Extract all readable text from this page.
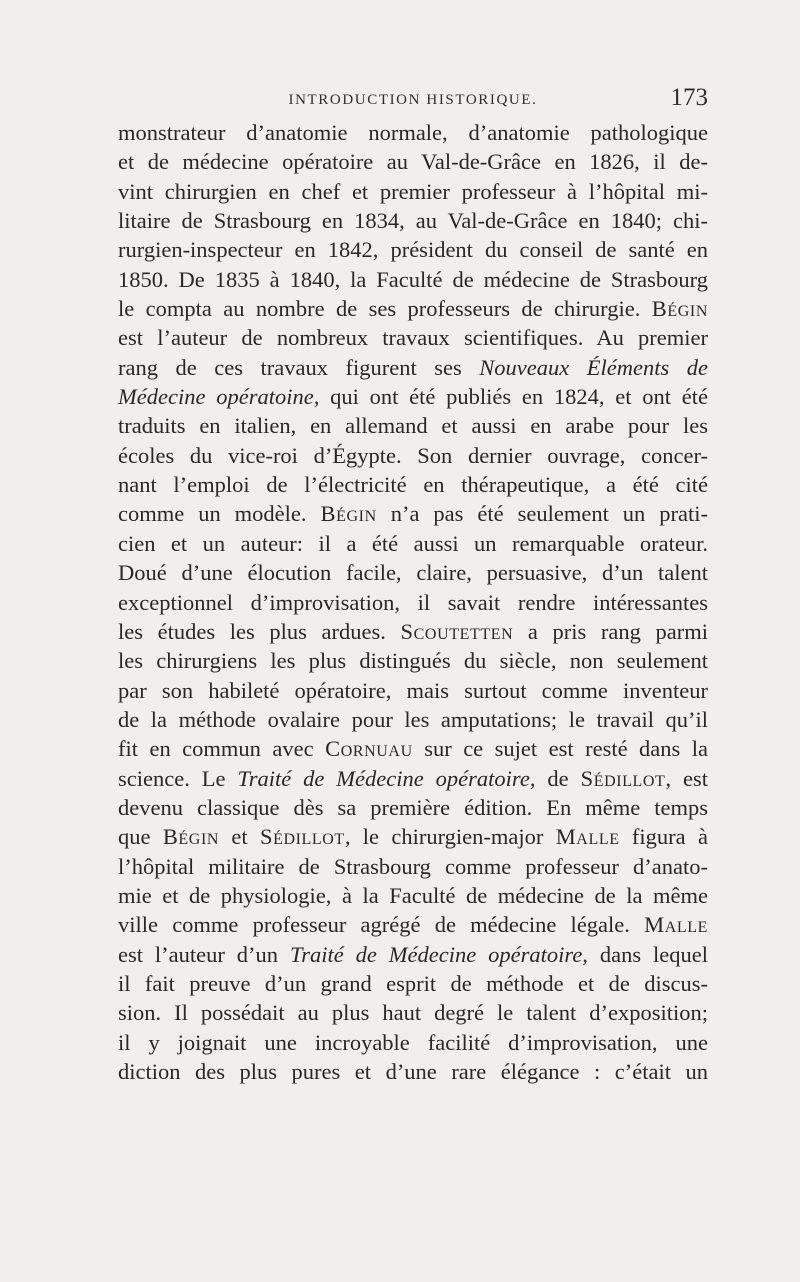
INTRODUCTION HISTORIQUE.	173
monstrateur d’anatomie normale, d’anatomie pathologique
et de médecine opératoire au Val-de-Grâce en 1826, il de-
vint chirurgien en chef et premier professeur à l’hôpital mi-
litaire de Strasbourg en 1834, au Val-de-Grâce en 1840; chi-
rurgien-inspecteur en 1842, président du conseil de santé en
1850. De 1835 à 1840, la Faculté de médecine de Strasbourg
le compta au nombre de ses professeurs de chirurgie. Bégin
est l’auteur de nombreux travaux scientifiques. Au premier
rang de ces travaux figurent ses Nouveaux Éléments de
Médecine opératoine, qui ont été publiés en 1824, et ont été
traduits en italien, en allemand et aussi en arabe pour les
écoles du vice-roi d’Égypte. Son dernier ouvrage, concer-
nant l’emploi de l’électricité en thérapeutique, a été cité
comme un modèle. Bégin n’a pas été seulement un prati-
cien et un auteur: il a été aussi un remarquable orateur.
Doué d’une élocution facile, claire, persuasive, d’un talent
exceptionnel d’improvisation, il savait rendre intéressantes
les études les plus ardues. Scoutetten a pris rang parmi
les chirurgiens les plus distingués du siècle, non seulement
par son habileté opératoire, mais surtout comme inventeur
de la méthode ovalaire pour les amputations; le travail qu’il
fit en commun avec Cornuau sur ce sujet est resté dans la
science. Le Traité de Médecine opératoire, de Sédillot, est
devenu classique dès sa première édition. En même temps
que Bégin et Sédillot, le chirurgien-major Malle figura à
l’hôpital militaire de Strasbourg comme professeur d’anato-
mie et de physiologie, à la Faculté de médecine de la même
ville comme professeur agrégé de médecine légale. Malle
est l’auteur d’un Traité de Médecine opératoire, dans lequel
il fait preuve d’un grand esprit de méthode et de discus-
sion. Il possédait au plus haut degré le talent d’exposition;
il y joignait une incroyable facilité d’improvisation, une
diction des plus pures et d’une rare élégance : c’était un
